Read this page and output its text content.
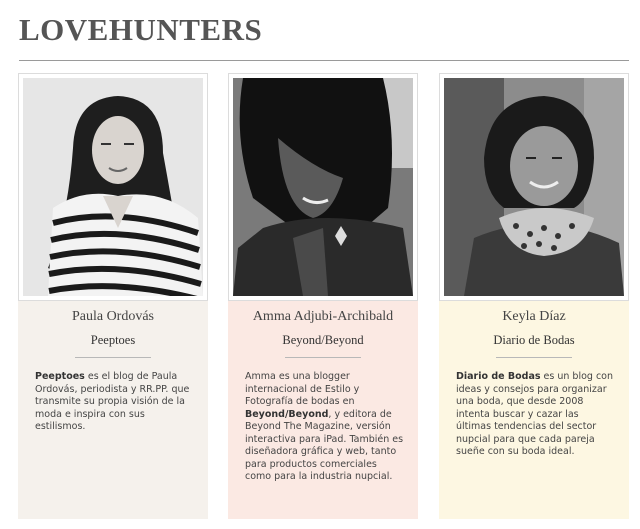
LOVEHUNTERS
Paula Ordovás
Peeptoes
Peeptoes es el blog de Paula Ordovás, periodista y RR.PP. que transmite su propia visión de la moda e inspira con sus estilismos.
Amma Adjubi-Archibald
Beyond/Beyond
Amma es una blogger internacional de Estilo y Fotografía de bodas en Beyond/Beyond, y editora de Beyond The Magazine, versión interactiva para iPad. También es diseñadora gráfica y web, tanto para productos comerciales como para la industria nupcial.
Keyla Díaz
Diario de Bodas
Diario de Bodas es un blog con ideas y consejos para organizar una boda, que desde 2008 intenta buscar y cazar las últimas tendencias del sector nupcial para que cada pareja sueñe con su boda ideal.
